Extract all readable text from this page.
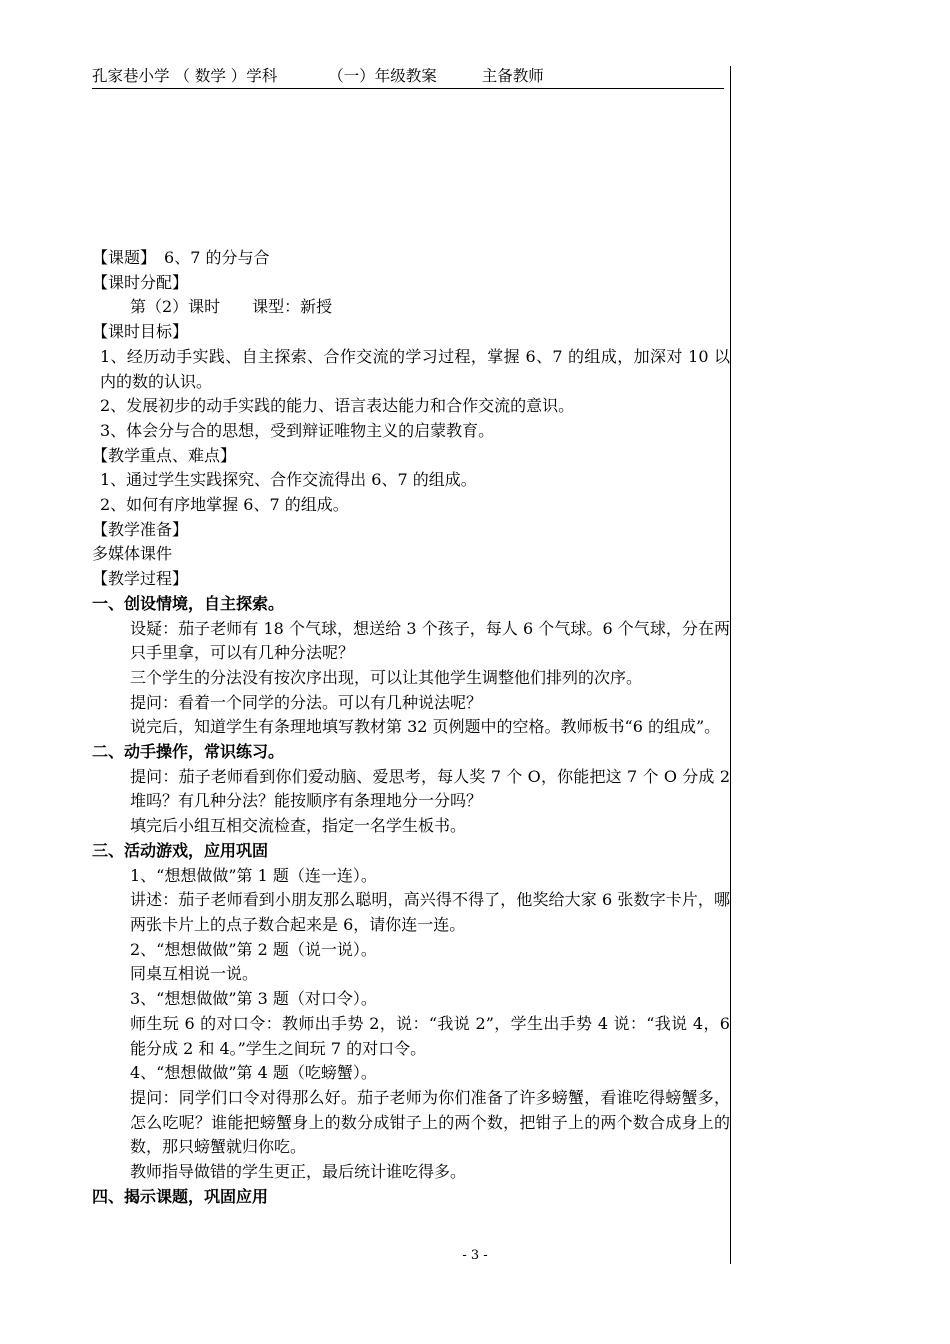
孔家巷小学 （ 数学 ）学科	（一）年级教案	主备教师

【课题】　 6、7 的分与合

【课时分配】

第（2）课时　　课型：新授

【课时目标】

1、经历动手实践、自主探索、合作交流的学习过程，掌握 6、7 的组成，加深对 10 以内的数的认识。

2、发展初步的动手实践的能力、语言表达能力和合作交流的意识。

3、体会分与合的思想，受到辩证唯物主义的启蒙教育。

【教学重点、难点】

1、通过学生实践探究、合作交流得出 6、7 的组成。

2、如何有序地掌握 6、7 的组成。

【教学准备】

多媒体课件

【教学过程】

一、创设情境，自主探索。

设疑：茄子老师有 18 个气球，想送给 3 个孩子，每人 6 个气球。6 个气球，分在两只手里拿，可以有几种分法呢？

三个学生的分法没有按次序出现，可以让其他学生调整他们排列的次序。

提问：看着一个同学的分法。可以有几种说法呢？

说完后，知道学生有条理地填写教材第 32 页例题中的空格。教师板书“6 的组成”。

二、动手操作，常识练习。

提问：茄子老师看到你们爱动脑、爱思考，每人奖 7 个 O，你能把这 7 个 O 分成 2 堆吗？有几种分法？能按顺序有条理地分一分吗？

填完后小组互相交流检查，指定一名学生板书。

三、活动游戏，应用巩固

1、“想想做做”第 1 题（连一连）。

讲述：茄子老师看到小朋友那么聪明，高兴得不得了，他奖给大家 6 张数字卡片，哪两张卡片上的点子数合起来是 6，请你连一连。

2、“想想做做”第 2 题（说一说）。

同桌互相说一说。

3、“想想做做”第 3 题（对口令）。

师生玩 6 的对口令：教师出手势 2，说：“我说 2”，学生出手势 4 说：“我说 4，6 能分成 2 和 4。”学生之间玩 7 的对口令。

4、“想想做做”第 4 题（吃螃蟹）。

提问：同学们口令对得那么好。茄子老师为你们准备了许多螃蟹，看谁吃得螃蟹多，怎么吃呢？谁能把螃蟹身上的数分成钳子上的两个数，把钳子上的两个数合成身上的数，那只螃蟹就归你吃。

教师指导做错的学生更正，最后统计谁吃得多。

四、揭示课题，巩固应用

- 3 -
